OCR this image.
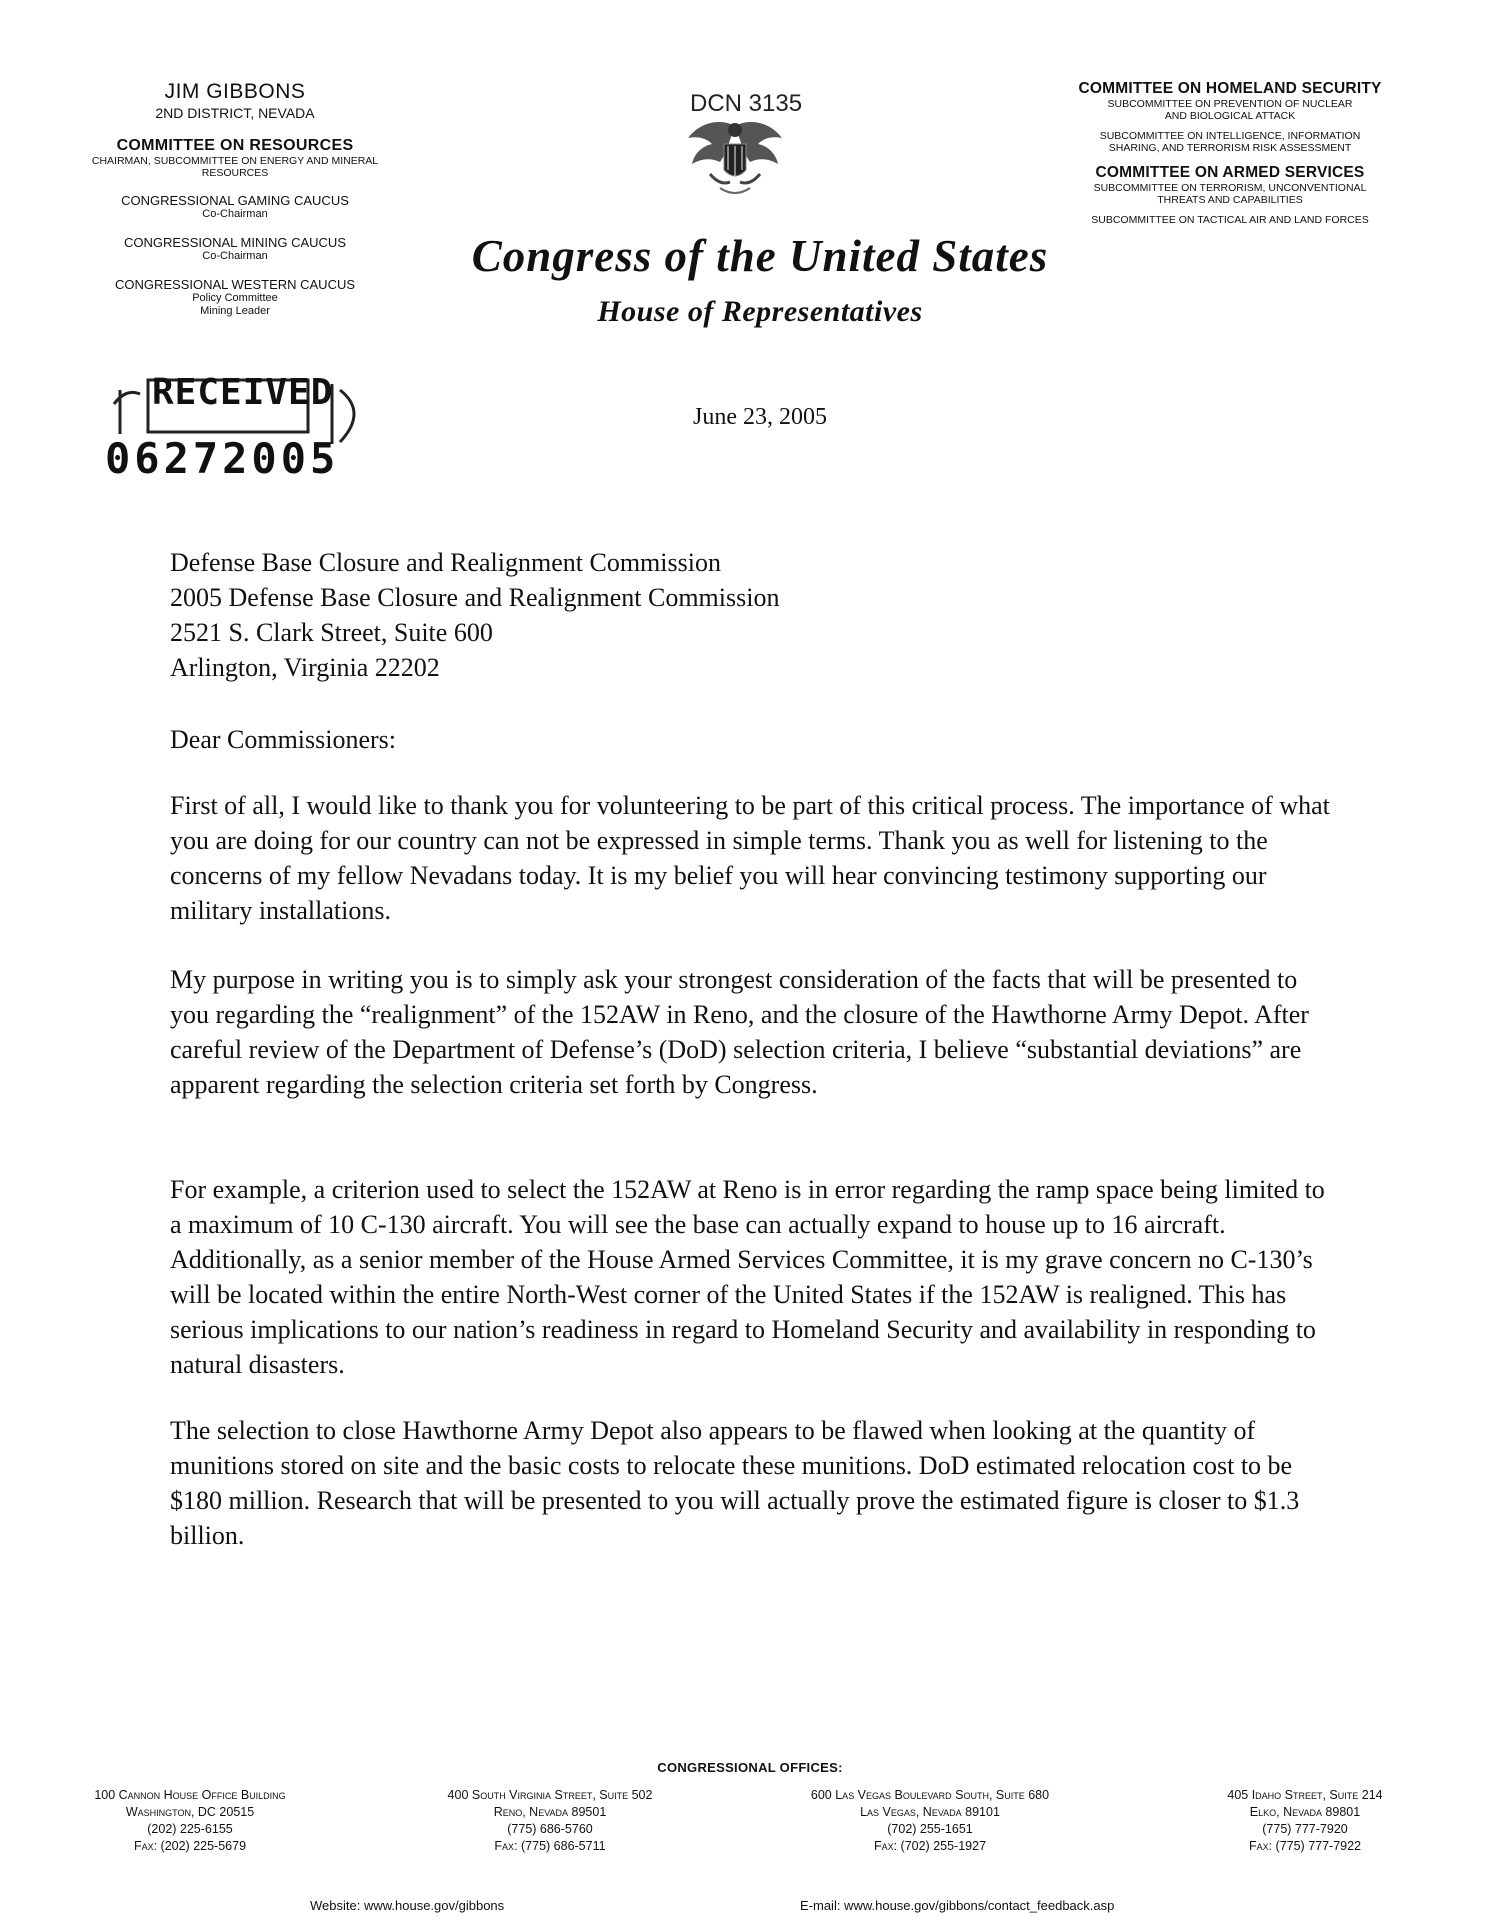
JIM GIBBONS
2ND DISTRICT, NEVADA
COMMITTEE ON RESOURCES
CHAIRMAN, SUBCOMMITTEE ON ENERGY AND MINERAL RESOURCES
CONGRESSIONAL GAMING CAUCUS
Co-Chairman
CONGRESSIONAL MINING CAUCUS
Co-Chairman
CONGRESSIONAL WESTERN CAUCUS
Policy Committee
Mining Leader
COMMITTEE ON HOMELAND SECURITY
SUBCOMMITTEE ON PREVENTION OF NUCLEAR
AND BIOLOGICAL ATTACK
SUBCOMMITTEE ON INTELLIGENCE, INFORMATION
SHARING, AND TERRORISM RISK ASSESSMENT
COMMITTEE ON ARMED SERVICES
SUBCOMMITTEE ON TERRORISM, UNCONVENTIONAL
THREATS AND CAPABILITIES
SUBCOMMITTEE ON TACTICAL AIR AND LAND FORCES
DCN 3135
Congress of the United States
House of Representatives
RECEIVED
06272005
June 23, 2005
Defense Base Closure and Realignment Commission
2005 Defense Base Closure and Realignment Commission
2521 S. Clark Street, Suite 600
Arlington, Virginia 22202
Dear Commissioners:
First of all, I would like to thank you for volunteering to be part of this critical process. The importance of what you are doing for our country can not be expressed in simple terms. Thank you as well for listening to the concerns of my fellow Nevadans today. It is my belief you will hear convincing testimony supporting our military installations.
My purpose in writing you is to simply ask your strongest consideration of the facts that will be presented to you regarding the “realignment” of the 152AW in Reno, and the closure of the Hawthorne Army Depot. After careful review of the Department of Defense’s (DoD) selection criteria, I believe “substantial deviations” are apparent regarding the selection criteria set forth by Congress.
For example, a criterion used to select the 152AW at Reno is in error regarding the ramp space being limited to a maximum of 10 C-130 aircraft. You will see the base can actually expand to house up to 16 aircraft. Additionally, as a senior member of the House Armed Services Committee, it is my grave concern no C-130’s will be located within the entire North-West corner of the United States if the 152AW is realigned. This has serious implications to our nation’s readiness in regard to Homeland Security and availability in responding to natural disasters.
The selection to close Hawthorne Army Depot also appears to be flawed when looking at the quantity of munitions stored on site and the basic costs to relocate these munitions. DoD estimated relocation cost to be $180 million. Research that will be presented to you will actually prove the estimated figure is closer to $1.3 billion.
CONGRESSIONAL OFFICES:
100 Cannon House Office Building
Washington, DC 20515
(202) 225-6155
Fax: (202) 225-5679
400 South Virginia Street, Suite 502
Reno, Nevada 89501
(775) 686-5760
Fax: (775) 686-5711
600 Las Vegas Boulevard South, Suite 680
Las Vegas, Nevada 89101
(702) 255-1651
Fax: (702) 255-1927
405 Idaho Street, Suite 214
Elko, Nevada 89801
(775) 777-7920
Fax: (775) 777-7922
Website: www.house.gov/gibbons	E-mail: www.house.gov/gibbons/contact_feedback.asp
